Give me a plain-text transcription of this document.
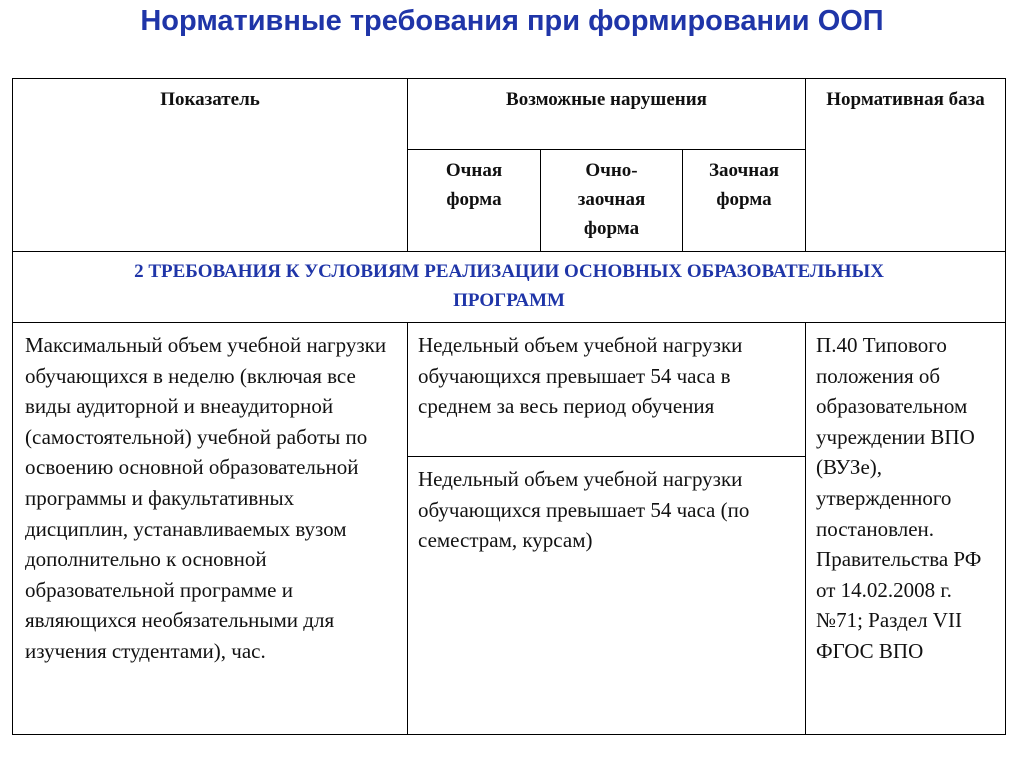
Нормативные требования при формировании ООП
Показатель	Возможные нарушения			Нормативная база
	Очная форма	Очно-заочная форма	Заочная форма	
2 ТРЕБОВАНИЯ К УСЛОВИЯМ РЕАЛИЗАЦИИ ОСНОВНЫХ ОБРАЗОВАТЕЛЬНЫХ ПРОГРАММ				
Максимальный объем учебной нагрузки обучающихся в неделю (включая все виды аудиторной и внеаудиторной (самостоятельной) учебной работы по освоению основной образовательной программы и факультативных дисциплин, устанавливаемых вузом дополнительно к основной образовательной программе и являющихся необязательными для изучения студентами), час.	Недельный объем учебной нагрузки обучающихся превышает 54 часа в среднем за весь период обучения			П.40 Типового положения об образовательном учреждении ВПО (ВУЗе), утвержденного постановлен. Правительства РФ от 14.02.2008 г. №71; Раздел VII ФГОС ВПО
	Недельный объем учебной нагрузки обучающихся превышает 54 часа (по семестрам, курсам)			
